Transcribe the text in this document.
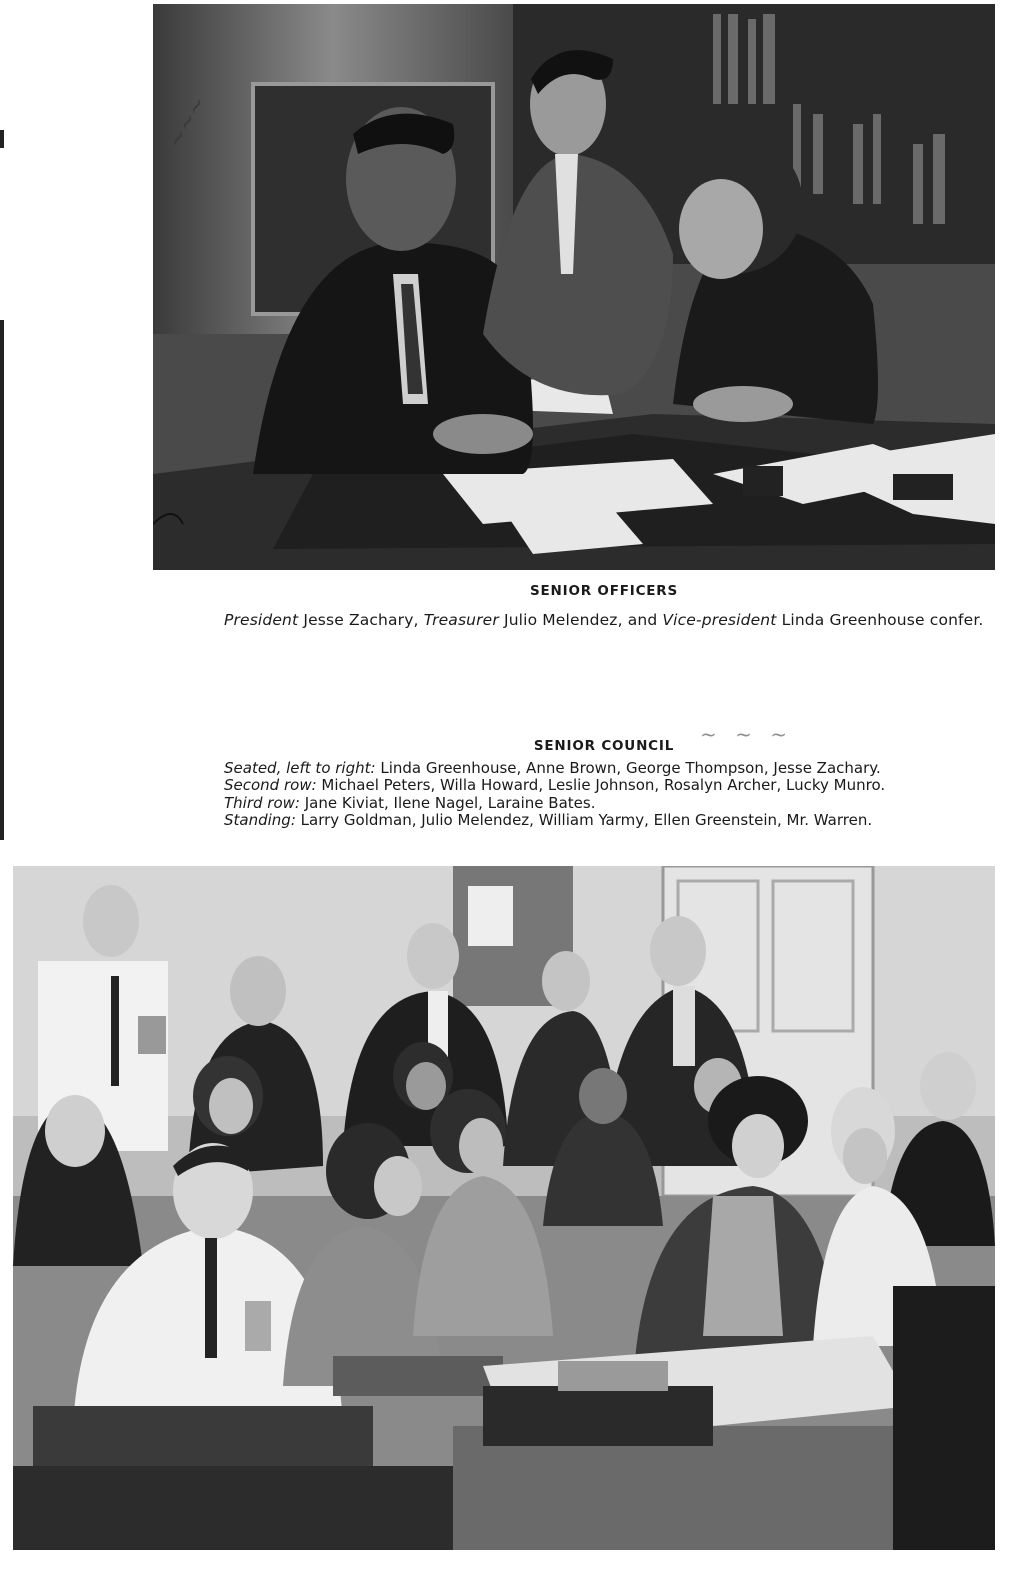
~~~
SENIOR OFFICERS
President Jesse Zachary, Treasurer Julio Melendez, and Vice-president Linda Greenhouse confer.
SENIOR COUNCIL
Seated, left to right: Linda Greenhouse, Anne Brown, George Thompson, Jesse Zachary.
Second row: Michael Peters, Willa Howard, Leslie Johnson, Rosalyn Archer, Lucky Munro.
Third row: Jane Kiviat, Ilene Nagel, Laraine Bates.
Standing: Larry Goldman, Julio Melendez, William Yarmy, Ellen Greenstein, Mr. Warren.
~ ~ ~
